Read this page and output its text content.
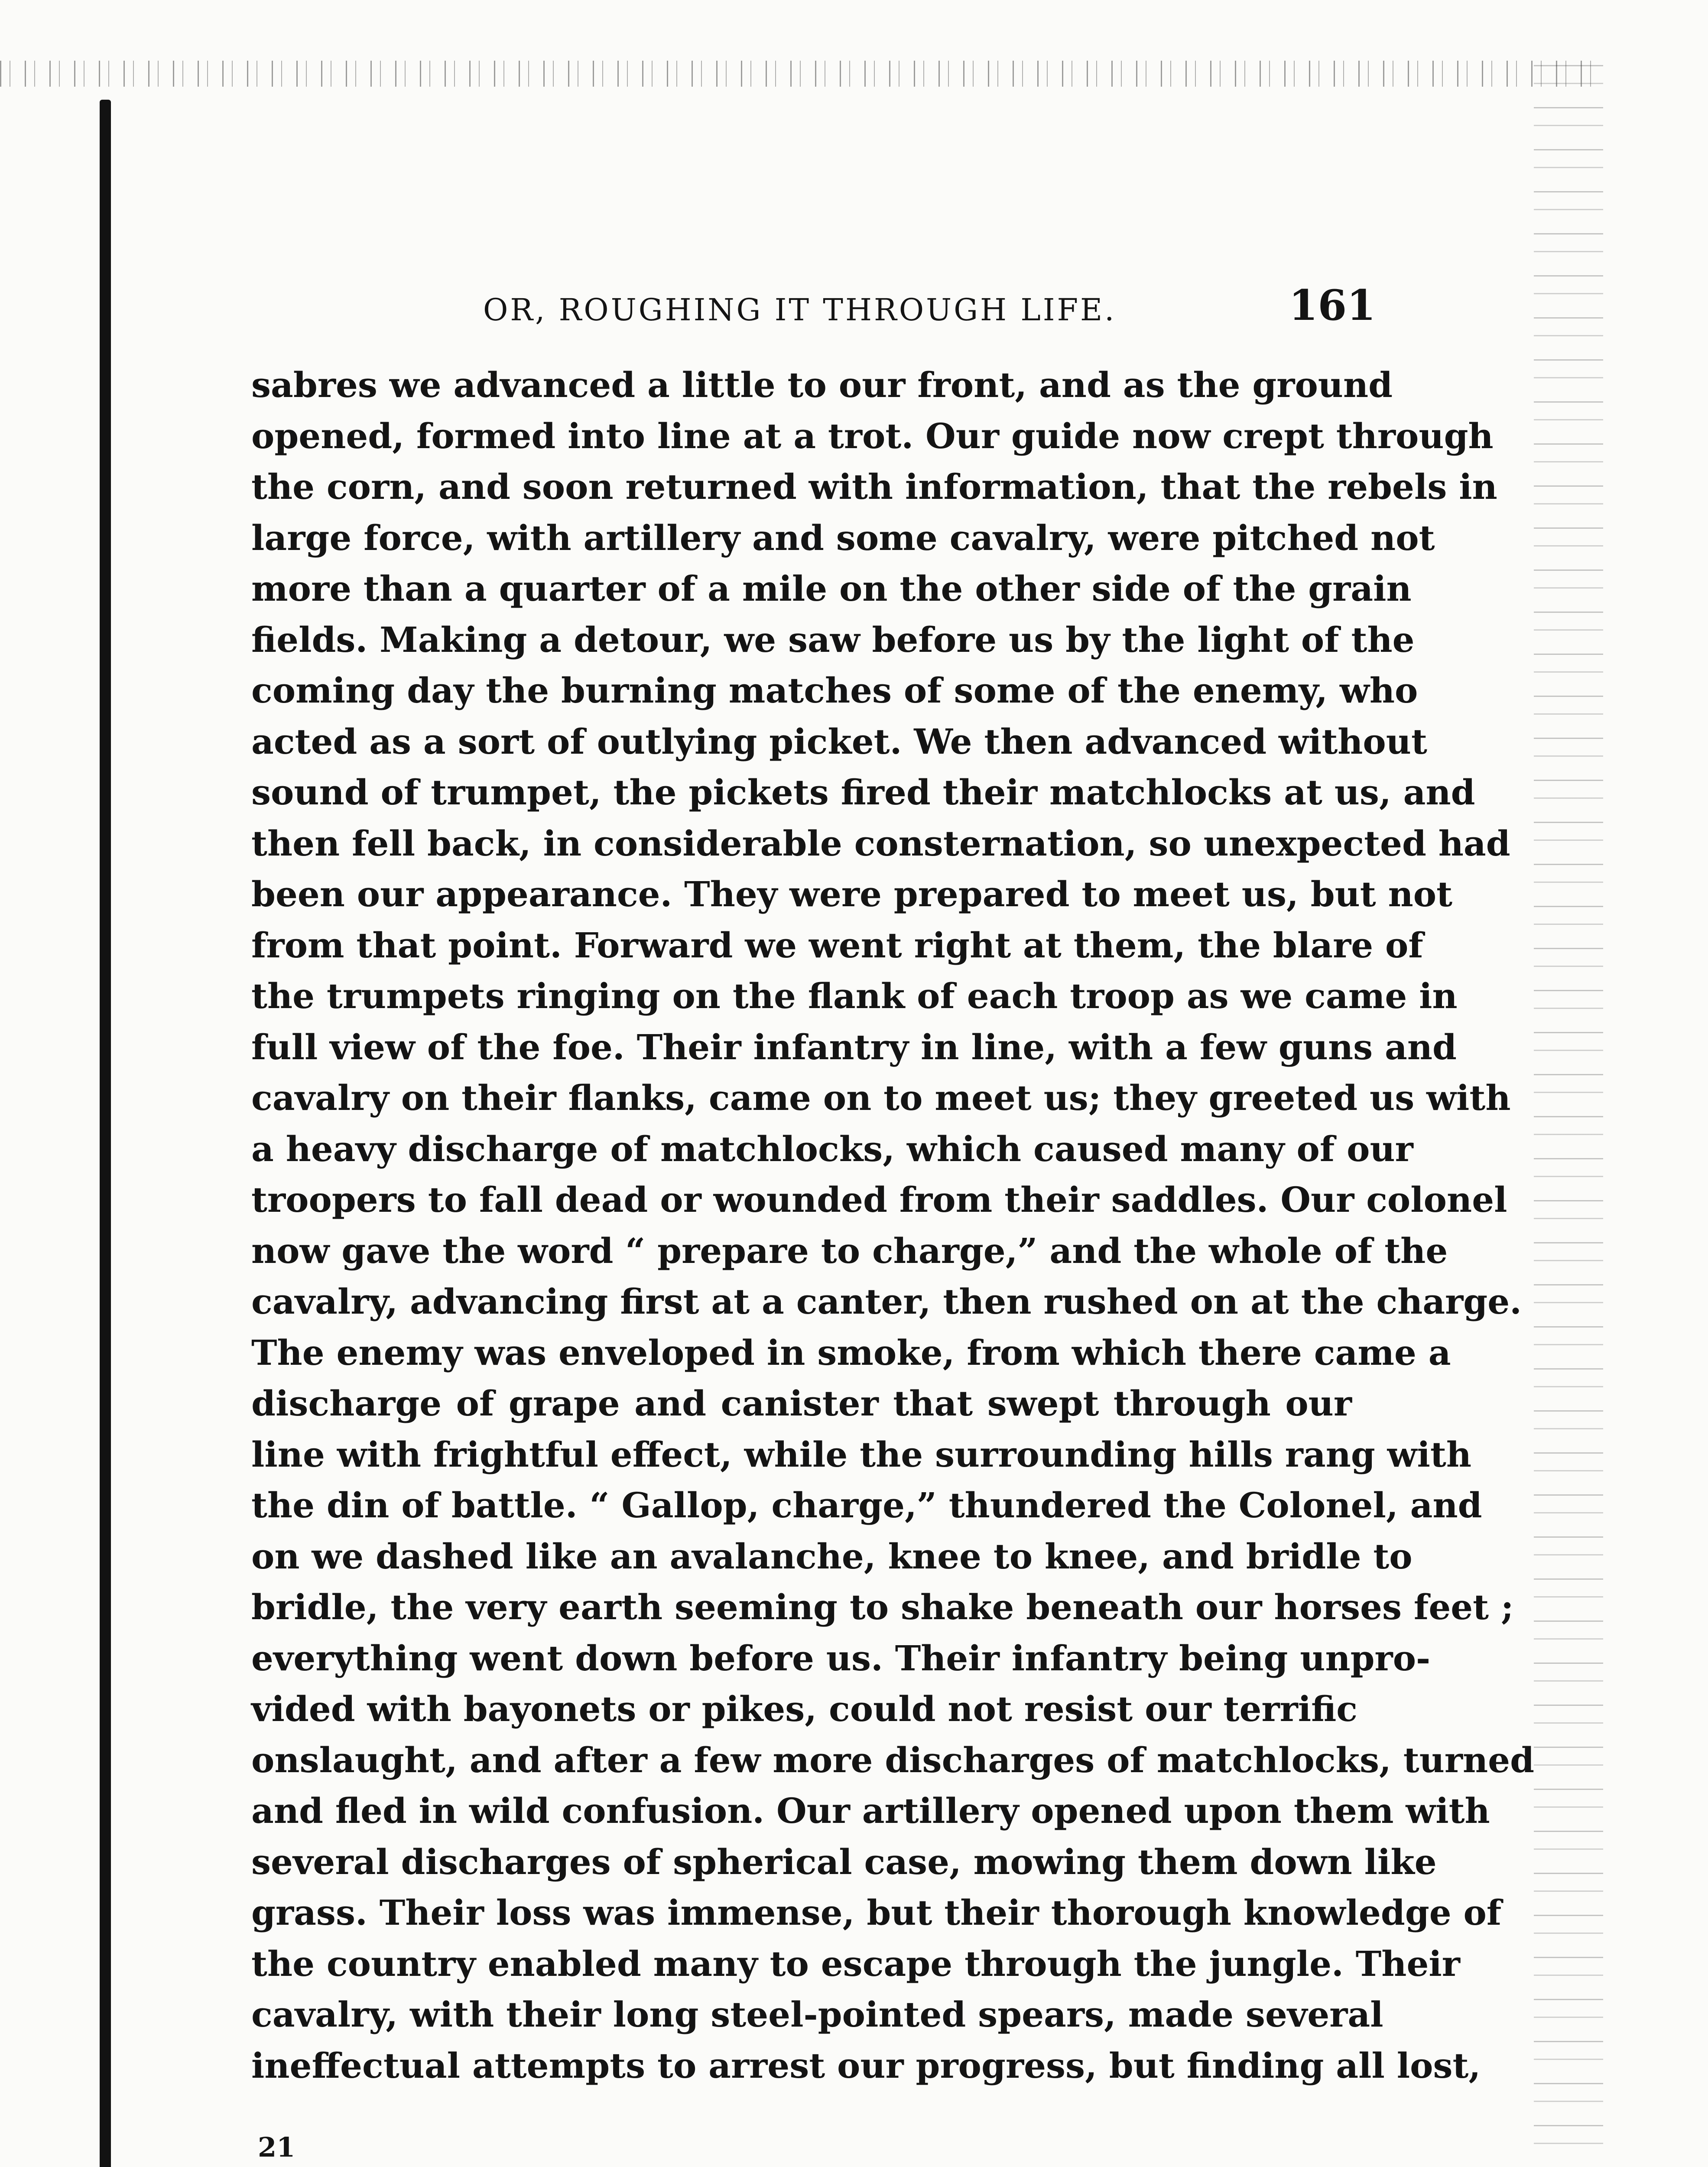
OR, ROUGHING IT THROUGH LIFE.	161
sabres we advanced a little to our front, and as the ground
opened, formed into line at a trot. Our guide now crept through
the corn, and soon returned with information, that the rebels in
large force, with artillery and some cavalry, were pitched not
more than a quarter of a mile on the other side of the grain
fields. Making a detour, we saw before us by the light of the
coming day the burning matches of some of the enemy, who
acted as a sort of outlying picket. We then advanced without
sound of trumpet, the pickets fired their matchlocks at us, and
then fell back, in considerable consternation, so unexpected had
been our appearance. They were prepared to meet us, but not
from that point. Forward we went right at them, the blare of
the trumpets ringing on the flank of each troop as we came in
full view of the foe. Their infantry in line, with a few guns and
cavalry on their flanks, came on to meet us; they greeted us with
a heavy discharge of matchlocks, which caused many of our
troopers to fall dead or wounded from their saddles. Our colonel
now gave the word “ prepare to charge,” and the whole of the
cavalry, advancing first at a canter, then rushed on at the charge.
The enemy was enveloped in smoke, from which there came a
discharge of grape and canister that swept through our
line with frightful effect, while the surrounding hills rang with
the din of battle. “ Gallop, charge,” thundered the Colonel, and
on we dashed like an avalanche, knee to knee, and bridle to
bridle, the very earth seeming to shake beneath our horses feet ;
everything went down before us. Their infantry being unpro-
vided with bayonets or pikes, could not resist our terrific
onslaught, and after a few more discharges of matchlocks, turned
and fled in wild confusion. Our artillery opened upon them with
several discharges of spherical case, mowing them down like
grass. Their loss was immense, but their thorough knowledge of
the country enabled many to escape through the jungle. Their
cavalry, with their long steel-pointed spears, made several
ineffectual attempts to arrest our progress, but finding all lost,
21
